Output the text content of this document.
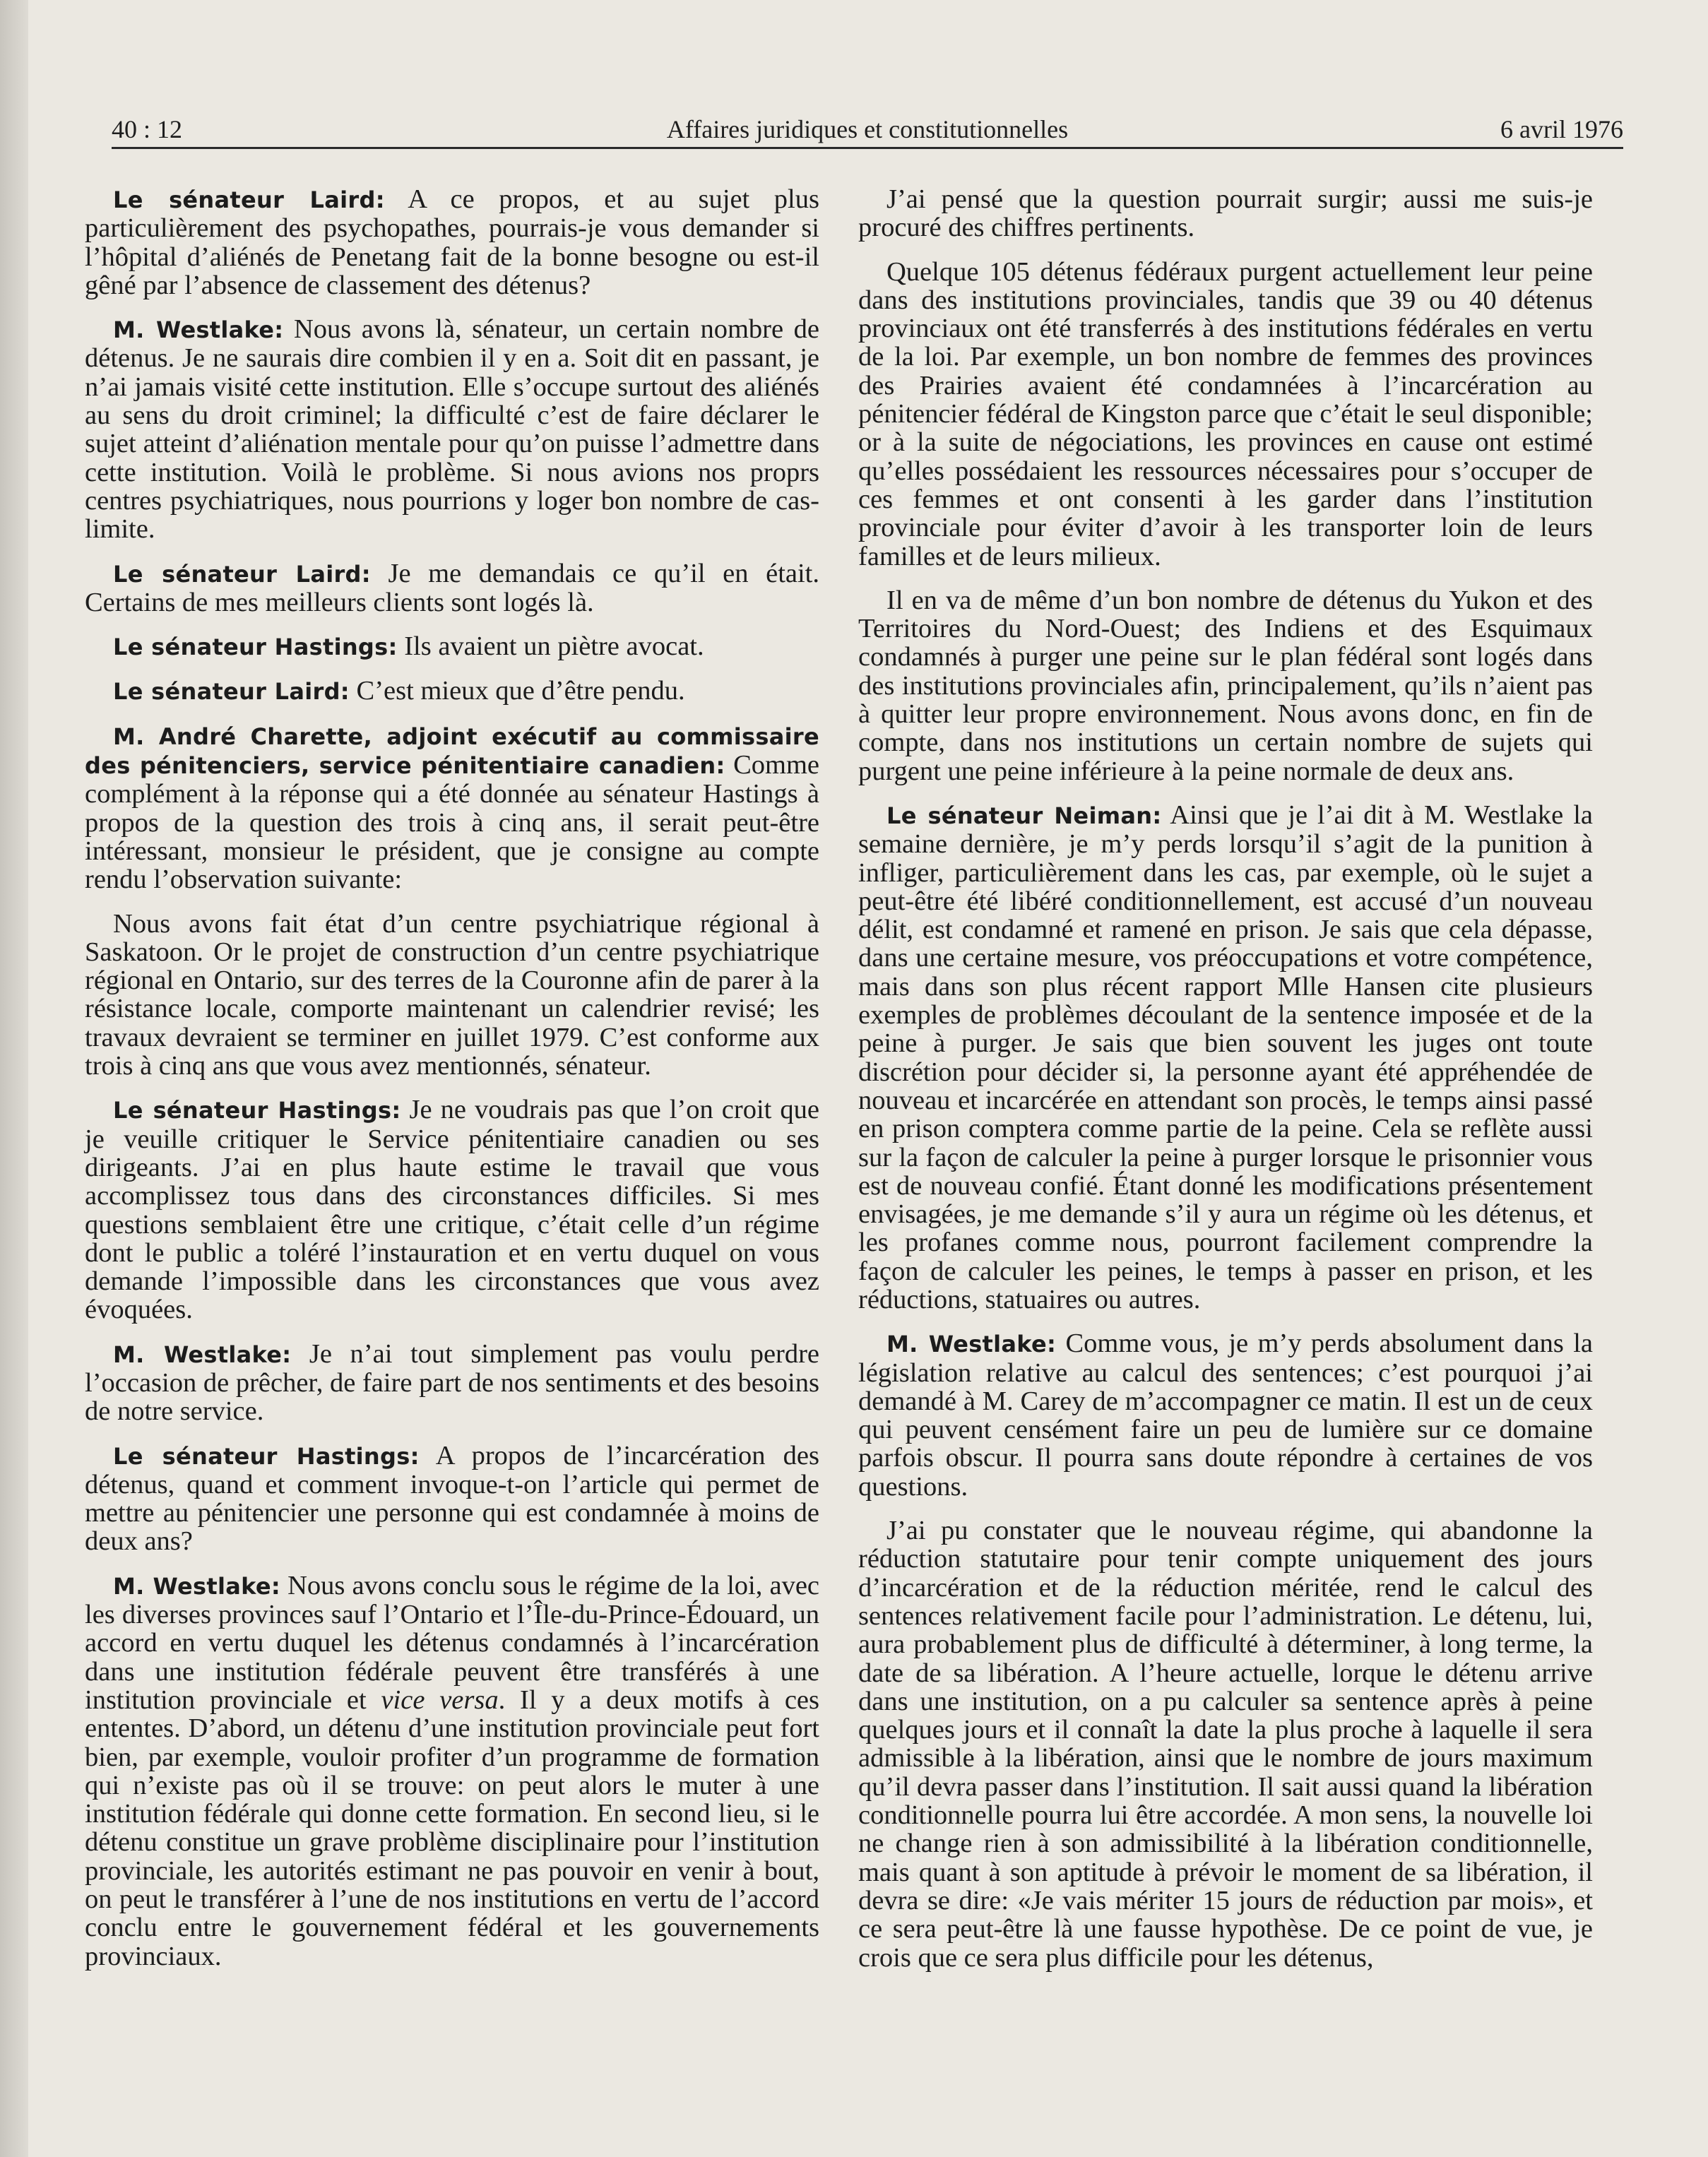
40 : 12	Affaires juridiques et constitutionnelles	6 avril 1976

Le sénateur Laird: A ce propos, et au sujet plus particulièrement des psychopathes, pourrais-je vous demander si l’hôpital d’aliénés de Penetang fait de la bonne besogne ou est-il gêné par l’absence de classement des détenus?

M. Westlake: Nous avons là, sénateur, un certain nombre de détenus. Je ne saurais dire combien il y en a. Soit dit en passant, je n’ai jamais visité cette institution. Elle s’occupe surtout des aliénés au sens du droit criminel; la difficulté c’est de faire déclarer le sujet atteint d’aliénation mentale pour qu’on puisse l’admettre dans cette institution. Voilà le problème. Si nous avions nos proprs centres psychiatriques, nous pourrions y loger bon nombre de cas-limite.

Le sénateur Laird: Je me demandais ce qu’il en était. Certains de mes meilleurs clients sont logés là.

Le sénateur Hastings: Ils avaient un piètre avocat.

Le sénateur Laird: C’est mieux que d’être pendu.

M. André Charette, adjoint exécutif au commissaire des pénitenciers, service pénitentiaire canadien: Comme complément à la réponse qui a été donnée au sénateur Hastings à propos de la question des trois à cinq ans, il serait peut-être intéressant, monsieur le président, que je consigne au compte rendu l’observation suivante:

Nous avons fait état d’un centre psychiatrique régional à Saskatoon. Or le projet de construction d’un centre psychiatrique régional en Ontario, sur des terres de la Couronne afin de parer à la résistance locale, comporte maintenant un calendrier revisé; les travaux devraient se terminer en juillet 1979. C’est conforme aux trois à cinq ans que vous avez mentionnés, sénateur.

Le sénateur Hastings: Je ne voudrais pas que l’on croit que je veuille critiquer le Service pénitentiaire canadien ou ses dirigeants. J’ai en plus haute estime le travail que vous accomplissez tous dans des circonstances difficiles. Si mes questions semblaient être une critique, c’était celle d’un régime dont le public a toléré l’instauration et en vertu duquel on vous demande l’impossible dans les circonstances que vous avez évoquées.

M. Westlake: Je n’ai tout simplement pas voulu perdre l’occasion de prêcher, de faire part de nos sentiments et des besoins de notre service.

Le sénateur Hastings: A propos de l’incarcération des détenus, quand et comment invoque-t-on l’article qui permet de mettre au pénitencier une personne qui est condamnée à moins de deux ans?

M. Westlake: Nous avons conclu sous le régime de la loi, avec les diverses provinces sauf l’Ontario et l’Île-du-Prince-Édouard, un accord en vertu duquel les détenus condamnés à l’incarcération dans une institution fédérale peuvent être transférés à une institution provinciale et vice versa. Il y a deux motifs à ces ententes. D’abord, un détenu d’une institution provinciale peut fort bien, par exemple, vouloir profiter d’un programme de formation qui n’existe pas où il se trouve: on peut alors le muter à une institution fédérale qui donne cette formation. En second lieu, si le détenu constitue un grave problème disciplinaire pour l’institution provinciale, les autorités estimant ne pas pouvoir en venir à bout, on peut le transférer à l’une de nos institutions en vertu de l’accord conclu entre le gouvernement fédéral et les gouvernements provinciaux.

J’ai pensé que la question pourrait surgir; aussi me suis-je procuré des chiffres pertinents.

Quelque 105 détenus fédéraux purgent actuellement leur peine dans des institutions provinciales, tandis que 39 ou 40 détenus provinciaux ont été transferrés à des institutions fédérales en vertu de la loi. Par exemple, un bon nombre de femmes des provinces des Prairies avaient été condamnées à l’incarcération au pénitencier fédéral de Kingston parce que c’était le seul disponible; or à la suite de négociations, les provinces en cause ont estimé qu’elles possédaient les ressources nécessaires pour s’occuper de ces femmes et ont consenti à les garder dans l’institution provinciale pour éviter d’avoir à les transporter loin de leurs familles et de leurs milieux.

Il en va de même d’un bon nombre de détenus du Yukon et des Territoires du Nord-Ouest; des Indiens et des Esquimaux condamnés à purger une peine sur le plan fédéral sont logés dans des institutions provinciales afin, principalement, qu’ils n’aient pas à quitter leur propre environnement. Nous avons donc, en fin de compte, dans nos institutions un certain nombre de sujets qui purgent une peine inférieure à la peine normale de deux ans.

Le sénateur Neiman: Ainsi que je l’ai dit à M. Westlake la semaine dernière, je m’y perds lorsqu’il s’agit de la punition à infliger, particulièrement dans les cas, par exemple, où le sujet a peut-être été libéré conditionnellement, est accusé d’un nouveau délit, est condamné et ramené en prison. Je sais que cela dépasse, dans une certaine mesure, vos préoccupations et votre compétence, mais dans son plus récent rapport Mlle Hansen cite plusieurs exemples de problèmes découlant de la sentence imposée et de la peine à purger. Je sais que bien souvent les juges ont toute discrétion pour décider si, la personne ayant été appréhendée de nouveau et incarcérée en attendant son procès, le temps ainsi passé en prison comptera comme partie de la peine. Cela se reflète aussi sur la façon de calculer la peine à purger lorsque le prisonnier vous est de nouveau confié. Étant donné les modifications présentement envisagées, je me demande s’il y aura un régime où les détenus, et les profanes comme nous, pourront facilement comprendre la façon de calculer les peines, le temps à passer en prison, et les réductions, statuaires ou autres.

M. Westlake: Comme vous, je m’y perds absolument dans la législation relative au calcul des sentences; c’est pourquoi j’ai demandé à M. Carey de m’accompagner ce matin. Il est un de ceux qui peuvent censément faire un peu de lumière sur ce domaine parfois obscur. Il pourra sans doute répondre à certaines de vos questions.

J’ai pu constater que le nouveau régime, qui abandonne la réduction statutaire pour tenir compte uniquement des jours d’incarcération et de la réduction méritée, rend le calcul des sentences relativement facile pour l’administration. Le détenu, lui, aura probablement plus de difficulté à déterminer, à long terme, la date de sa libération. A l’heure actuelle, lorque le détenu arrive dans une institution, on a pu calculer sa sentence après à peine quelques jours et il connaît la date la plus proche à laquelle il sera admissible à la libération, ainsi que le nombre de jours maximum qu’il devra passer dans l’institution. Il sait aussi quand la libération conditionnelle pourra lui être accordée. A mon sens, la nouvelle loi ne change rien à son admissibilité à la libération conditionnelle, mais quant à son aptitude à prévoir le moment de sa libération, il devra se dire: «Je vais mériter 15 jours de réduction par mois», et ce sera peut-être là une fausse hypothèse. De ce point de vue, je crois que ce sera plus difficile pour les détenus,
